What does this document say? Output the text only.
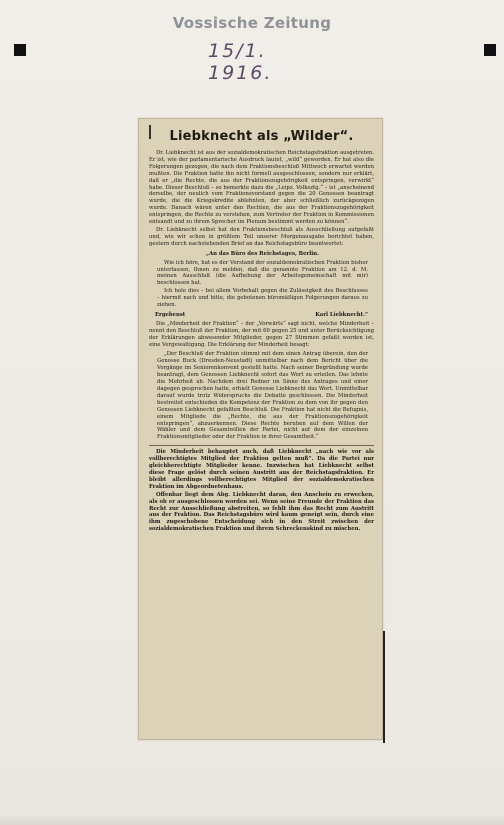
Vossische Zeitung
15/1. 1916.
Liebknecht als „Wilder“.

Dr. Liebknecht ist aus der sozialdemokratischen Reichstagsfraktion ausgetreten. Er ist, wie der parlamentarische Ausdruck lautet, „wild“ geworden. Er hat also die Folgerungen gezogen, die nach dem Fraktionsbeschluß Mittwoch erwartet werden mußten. Die Fraktion hatte ihn nicht formell ausgeschlossen, sondern nur erklärt, daß er „die Rechte, die aus der Fraktionszugehörigkeit entspringen, verwirkt“ habe. Dieser Beschluß – so bemerkte dazu die „Leipz. Volksztg.“ – ist „anscheinend derselbe, der neulich vom Fraktionsvorstand gegen die 20 Genossen beantragt wurde, die die Kriegskredite ablehnten, der aber schließlich zurückgezogen wurde. Danach wären unter den Rechten, die aus der Fraktionszugehörigkeit entspringen, die Rechte zu verstehen, zum Vertreter der Fraktion in Kommissionen entsandt und zu ihrem Sprecher im Plenum bestimmt werden zu können“.

Dr. Liebknecht selbst hat den Fraktionsbeschluß als Ausschließung aufgefaßt und, wie wir schon in größtem Teil unserer Morgenausgabe berichtet haben, gestern durch nachstehenden Brief an das Reichstagsbüro beantwortet:

„An das Büro des Reichstages, Berlin.

Wie ich höre, hat es der Vorstand der sozialdemokratischen Fraktion bisher unterlassen, Ihnen zu melden, daß die genannte Fraktion am 12. d. M. meinen Ausschluß (die Aufhebung der Arbeitsgemeinschaft mit mir) beschlossen hat.

Ich hole dies – bei allem Vorbehalt gegen die Zulässigkeit des Beschlusses – hiermit nach und bitte, die gebotenen büromäßigen Folgerungen daraus zu ziehen.

Ergebenst	Karl Liebknecht.“

Die „Minderheit der Fraktion“ – der „Vorwärts“ sagt nicht, welche Minderheit – nennt den Beschluß der Fraktion, der mit 60 gegen 25 und unter Berücksichtigung der Erklärungen abwesender Mitglieder, gegen 27 Stimmen gefaßt worden ist, eine Vergewaltigung. Die Erklärung der Minderheit besagt:

„Der Beschluß der Fraktion stimmt mit dem einen Antrag überein, den der Genosse Buck (Dresden-Neustadt) unmittelbar nach dem Bericht über die Vorgänge im Seniorenkonvent gestellt hatte. Nach seiner Begründung wurde beantragt, dem Genossen Liebknecht sofort das Wort zu erteilen. Das lehnte die Mehrheit ab. Nachdem drei Redner im Sinne des Antrages und einer dagegen gesprochen hatte, erhielt Genosse Liebknecht das Wort. Unmittelbar darauf wurde trotz Widerspruchs die Debatte geschlossen. Die Minderheit bestreitet entschieden die Kompetenz der Fraktion zu dem von ihr gegen den Genossen Liebknecht gefaßten Beschluß. Die Fraktion hat nicht die Befugnis, einem Mitgliede die „Rechte, die aus der Fraktionszugehörigkeit entspringen“, abzuerkennen. Diese Rechte beruhen auf dem Willen der Wähler und dem Gesamtwillen der Partei, nicht auf dem der einzelnen Fraktionsmitglieder oder der Fraktion in ihrer Gesamtheit.“

Die Minderheit behauptet auch, daß Liebknecht „nach wie vor als vollberechtigtes Mitglied der Fraktion gelten muß“. Da die Partei nur gleichberechtigte Mitglieder kenne. Inzwischen hat Liebknecht selbst diese Frage gelöst durch seinen Austritt aus der Reichstagsfraktion. Er bleibt allerdings vollberechtigtes Mitglied der sozialdemokratischen Fraktion im Abgeordnetenhaus.

Offenbar liegt dem Abg. Liebknecht daran, den Anschein zu erwecken, als ob er ausgeschlossen worden sei. Wenn seine Freunde der Fraktion das Recht zur Ausschließung abstreiten, so fehlt ihm das Recht zum Austritt aus der Fraktion. Das Reichstagsbüro wird kaum geneigt sein, durch eine ihm zugeschobene Entscheidung sich in den Streit zwischen der sozialdemokratischen Fraktion und ihrem Schreckenskind zu mischen.
